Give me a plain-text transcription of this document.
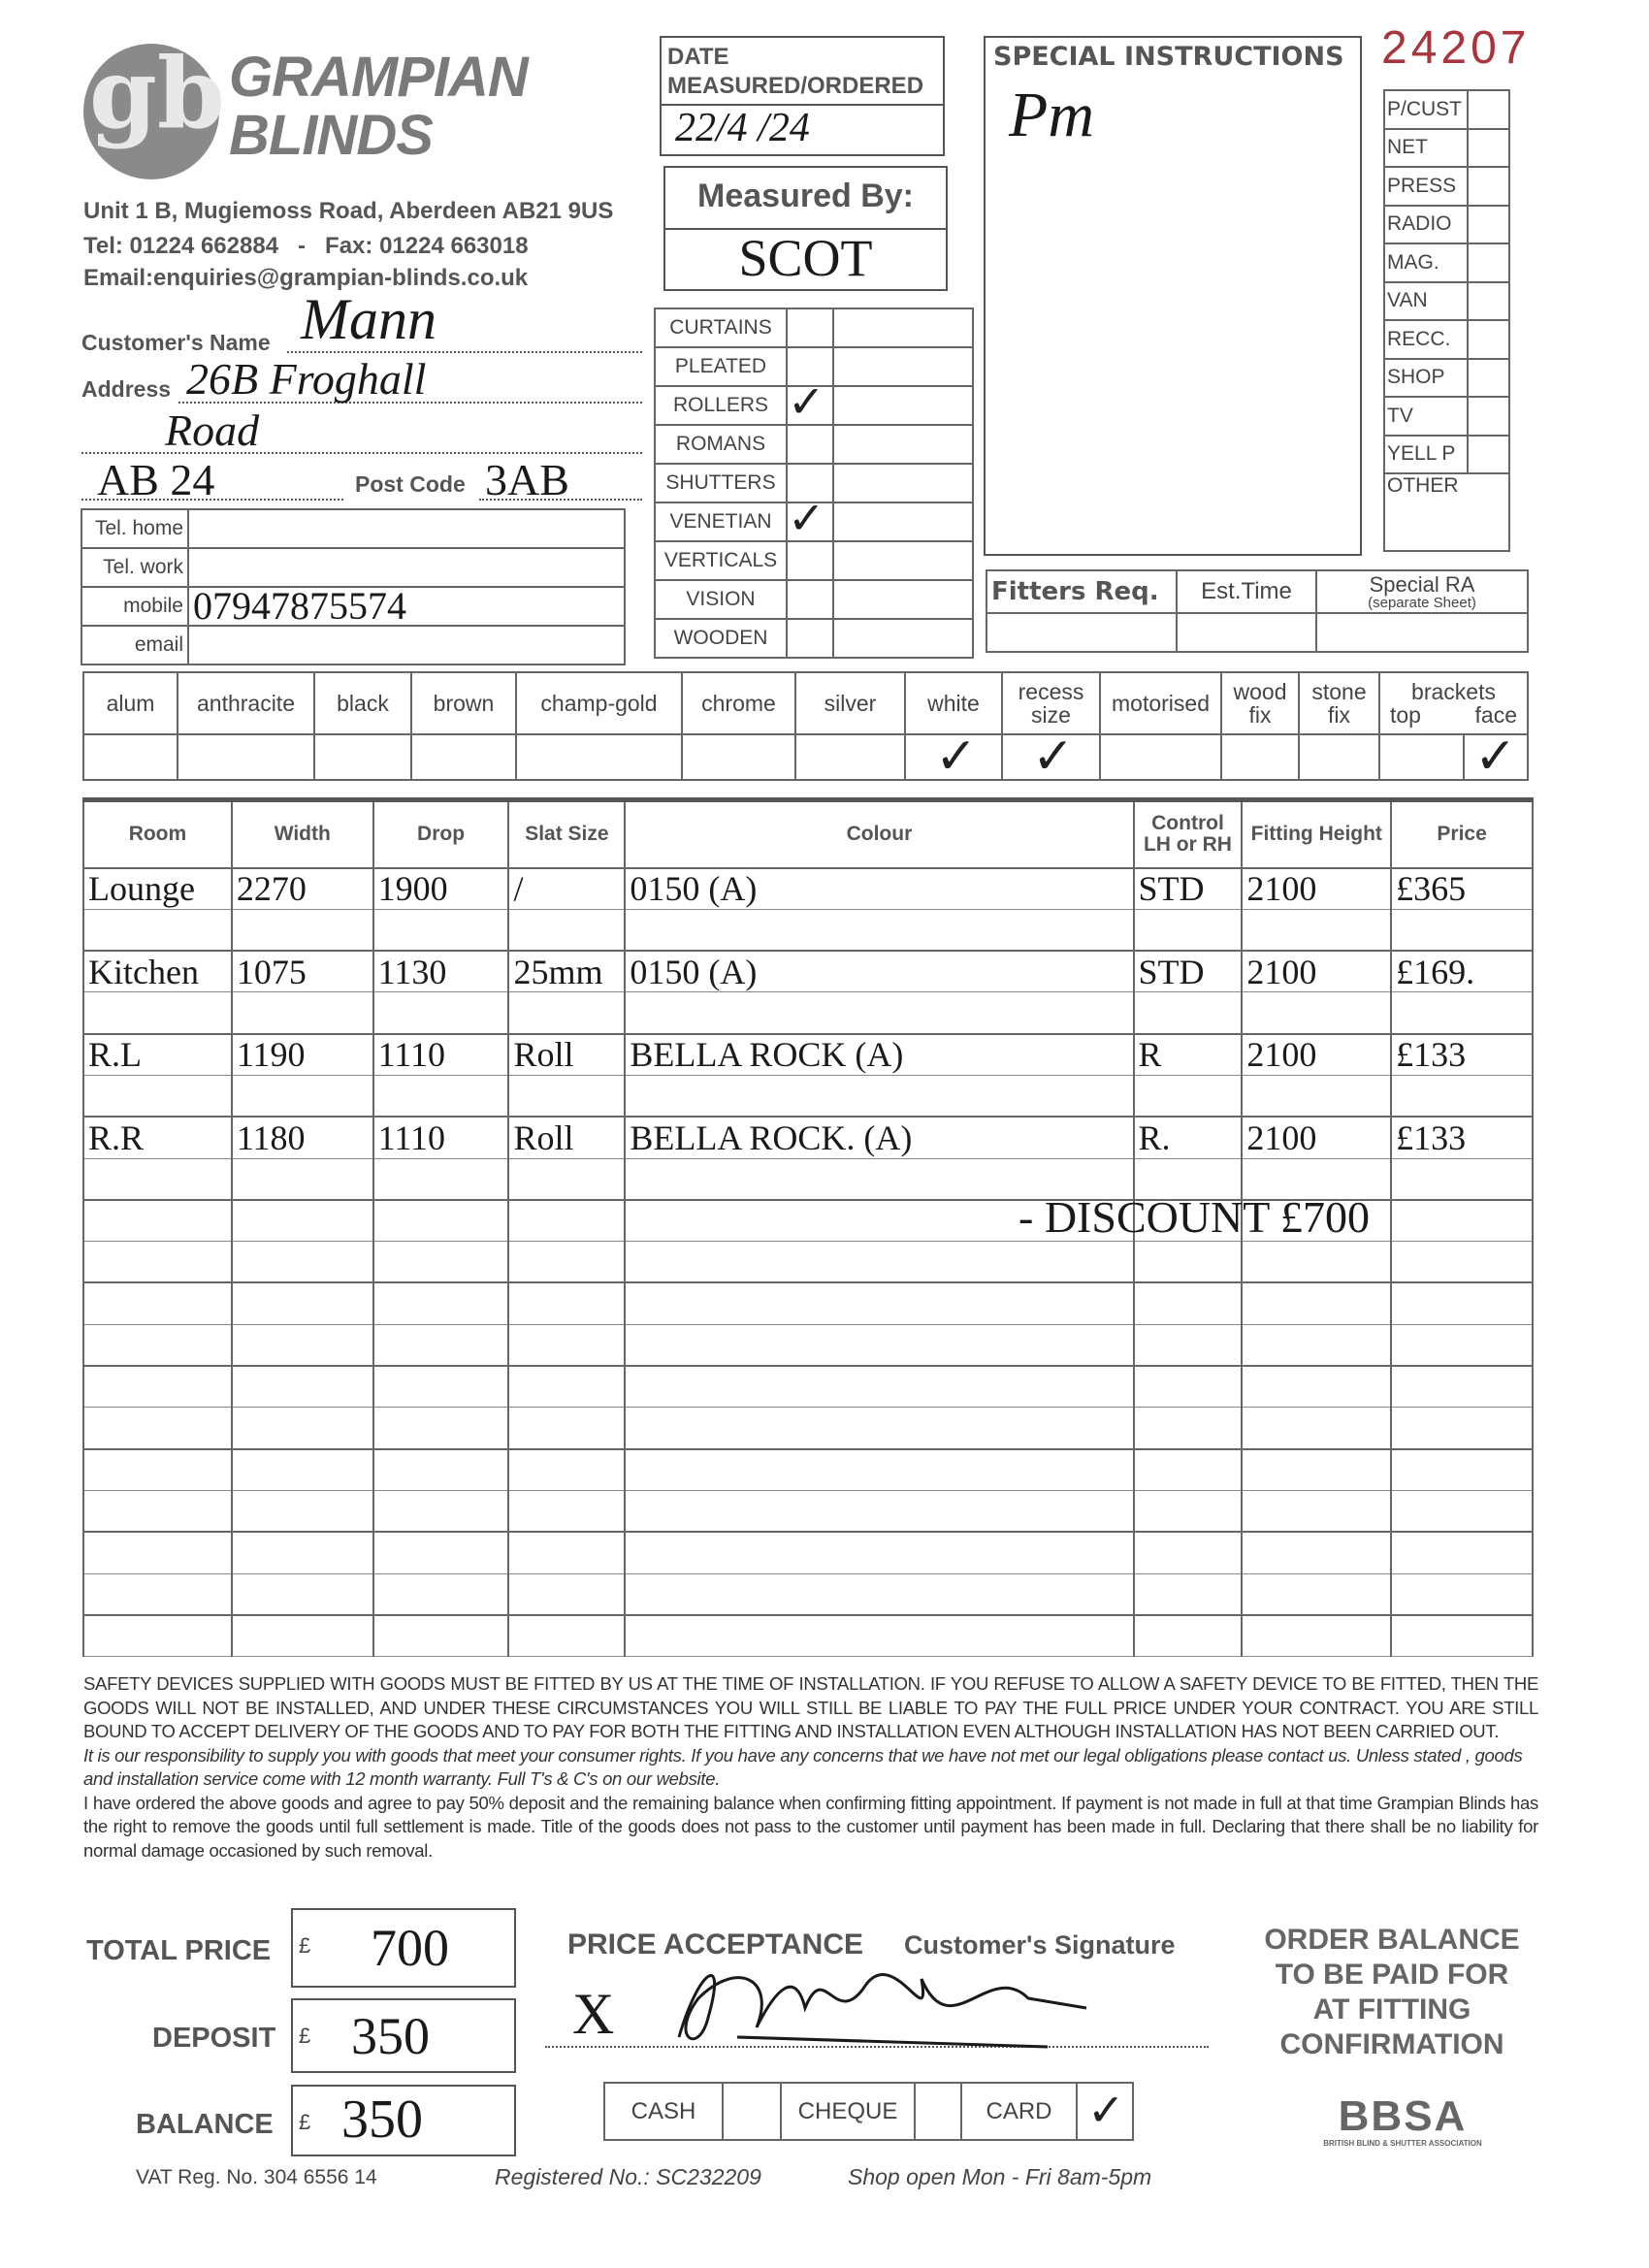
gb GRAMPIAN
BLINDS
Unit 1 B, Mugiemoss Road, Aberdeen AB21 9US
Tel: 01224 662884   -   Fax: 01224 663018
Email:enquiries@grampian-blinds.co.uk
DATE
MEASURED/ORDERED
22/4 /24
Measured By:
SCOT
SPECIAL INSTRUCTIONS
Pm
24207
P/CUST	
NET	
PRESS	
RADIO	
MAG.	
VAN	
RECC.	
SHOP	
TV	
YELL P	
OTHER	
Fitters Req.	Est.Time	Special RA
(separate Sheet)

Customer's Name Mann
Address 26B Froghall
Road
AB 24	Post Code 3AB
Tel. home	
Tel. work	
mobile	07947875574
email	
CURTAINS		
PLEATED		
ROLLERS	✓	

ROMANS		
SHUTTERS		
VENETIAN	✓	

VERTICALS		
VISION		
WOODEN		
alum	anthracite	black	brown	champ-gold	chrome	silver	white	recess size	motorised	wood fix	stone fix	brackets
top face	

							✓	✓					✓
Room	Width	Drop	Slat Size	Colour	Control LH or RH	Fitting Height	Price
Lounge	2270	1900	/	0150 (A)	STD	2100	£365

Kitchen	1075	1130	25mm	0150 (A)	STD	2100	£169.

R.L	1190	1110	Roll	BELLA ROCK (A)	R	2100	£133

R.R	1180	1110	Roll	BELLA ROCK. (A)	R.	2100	£133

- DISCOUNT £700
SAFETY DEVICES SUPPLIED WITH GOODS MUST BE FITTED BY US AT THE TIME OF INSTALLATION. IF YOU REFUSE TO ALLOW A SAFETY DEVICE TO BE FITTED, THEN THE GOODS WILL NOT BE INSTALLED, AND UNDER THESE CIRCUMSTANCES YOU WILL STILL BE LIABLE TO PAY THE FULL PRICE UNDER YOUR CONTRACT. YOU ARE STILL BOUND TO ACCEPT DELIVERY OF THE GOODS AND TO PAY FOR BOTH THE FITTING AND INSTALLATION EVEN ALTHOUGH INSTALLATION HAS NOT BEEN CARRIED OUT.
It is our responsibility to supply you with goods that meet your consumer rights. If you have any concerns that we have not met our legal obligations please contact us. Unless stated , goods and installation service come with 12 month warranty. Full T's & C's on our website.
I have ordered the above goods and agree to pay 50% deposit and the remaining balance when confirming fitting appointment. If payment is not made in full at that time Grampian Blinds has the right to remove the goods until full settlement is made. Title of the goods does not pass to the customer until payment has been made in full. Declaring that there shall be no liability for normal damage occasioned by such removal.
TOTAL PRICE £ 700
DEPOSIT £ 350
BALANCE £ 350
PRICE ACCEPTANCE Customer's Signature
X
CASH		CHEQUE		CARD	✓
ORDER BALANCE
TO BE PAID FOR
AT FITTING
CONFIRMATION
BBSA
BRITISH BLIND & SHUTTER ASSOCIATION
VAT Reg. No. 304 6556 14	Registered No.: SC232209	Shop open Mon - Fri 8am-5pm
